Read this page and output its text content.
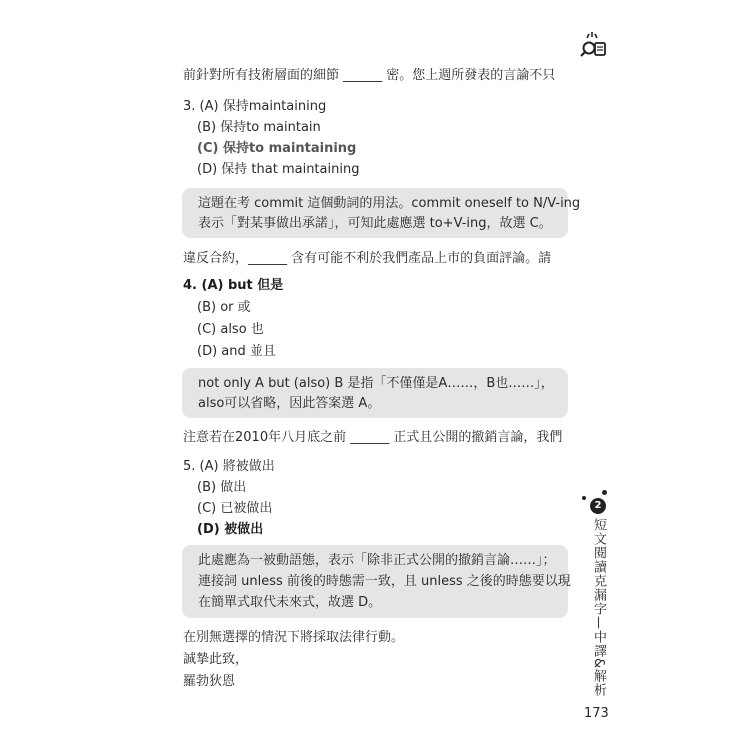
前針對所有技術層面的細節 ______ 密。您上週所發表的言論不只
3. (A) 保持maintaining
(B) 保持to maintain
(C) 保持to maintaining
(D) 保持 that maintaining
這題在考 commit 這個動詞的用法。commit oneself to N/V-ing
表示「對某事做出承諾」，可知此處應選 to+V-ing，故選 C。
違反合約，______ 含有可能不利於我們產品上市的負面評論。請
4. (A) but 但是
(B) or 或
(C) also 也
(D) and 並且
not only A but (also) B 是指「不僅僅是A……，B也……」，
also可以省略，因此答案選 A。
注意若在2010年八月底之前 ______ 正式且公開的撤銷言論，我們
5. (A) 將被做出
(B) 做出
(C) 已被做出
(D) 被做出
此處應為一被動語態，表示「除非正式公開的撤銷言論……」；
連接詞 unless 前後的時態需一致，且 unless 之後的時態要以現
在簡單式取代未來式，故選 D。
在別無選擇的情況下將採取法律行動。
誠摯此致，
羅勃狄恩
2
短文閱讀克漏字—中譯&解析
173
